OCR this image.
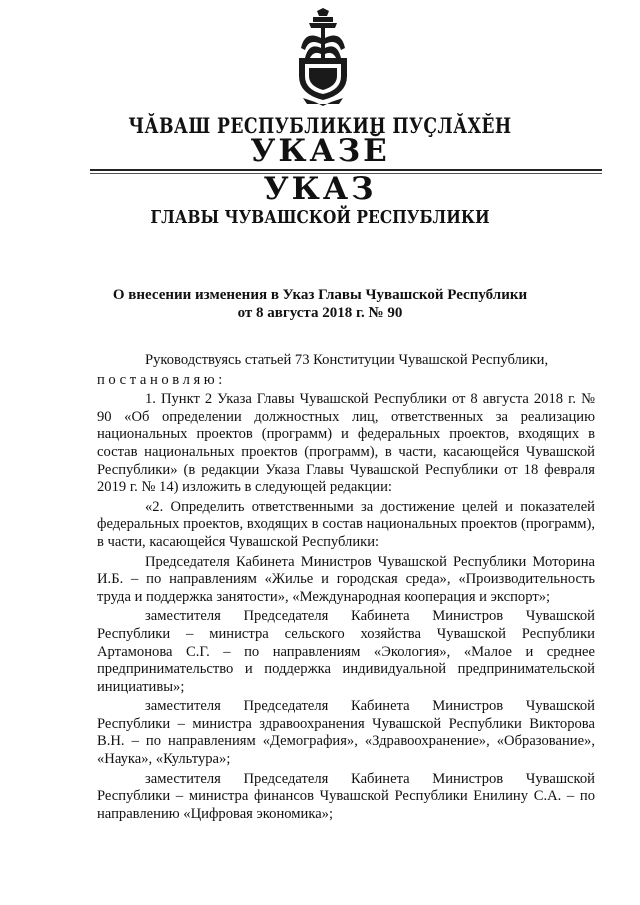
ЧӐВАШ РЕСПУБЛИКИН ПУҪЛӐХӖН
УКАЗӖ
УКАЗ
ГЛАВЫ ЧУВАШСКОЙ РЕСПУБЛИКИ
О внесении изменения в Указ Главы Чувашской Республики
от 8 августа 2018 г. № 90

Руководствуясь статьей 73 Конституции Чувашской Республики,

постановляю:

1. Пункт 2 Указа Главы Чувашской Республики от 8 августа 2018 г. № 90 «Об определении должностных лиц, ответственных за реализацию национальных проектов (программ) и федеральных проектов, входящих в состав национальных проектов (программ), в части, касающейся Чувашской Республики» (в редакции Указа Главы Чувашской Республики от 18 февраля 2019 г. № 14) изложить в следующей редакции:

«2. Определить ответственными за достижение целей и показателей федеральных проектов, входящих в состав национальных проектов (программ), в части, касающейся Чувашской Республики:

Председателя Кабинета Министров Чувашской Республики Моторина И.Б. – по направлениям «Жилье и городская среда», «Производительность труда и поддержка занятости», «Международная кооперация и экспорт»;

заместителя Председателя Кабинета Министров Чувашской Республики – министра сельского хозяйства Чувашской Республики Артамонова С.Г. – по направлениям «Экология», «Малое и среднее предпринимательство и поддержка индивидуальной предпринимательской инициативы»;

заместителя Председателя Кабинета Министров Чувашской Республики – министра здравоохранения Чувашской Республики Викторова В.Н. – по направлениям «Демография», «Здравоохранение», «Образование», «Наука», «Культура»;

заместителя Председателя Кабинета Министров Чувашской Республики – министра финансов Чувашской Республики Енилину С.А. – по направлению «Цифровая экономика»;
